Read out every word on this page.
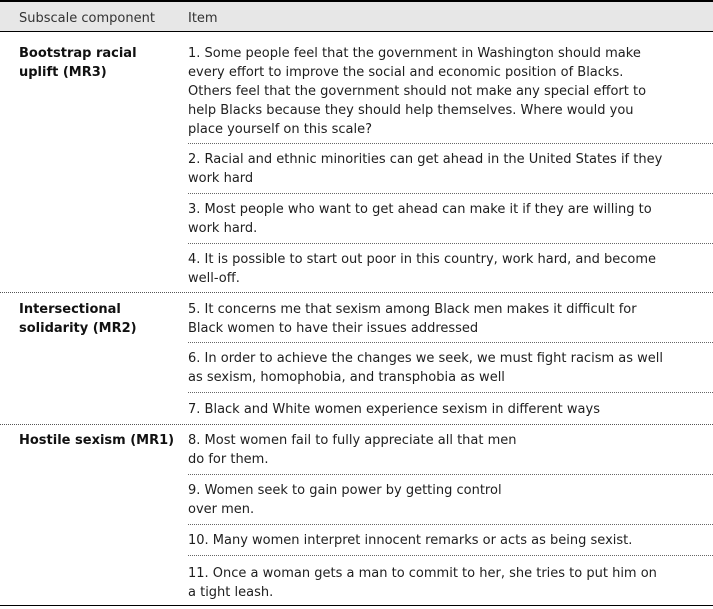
Subscale component	Item
Bootstrap racial
uplift (MR3)
1. Some people feel that the government in Washington should make
every effort to improve the social and economic position of Blacks.
Others feel that the government should not make any special effort to
help Blacks because they should help themselves. Where would you
place yourself on this scale?
2. Racial and ethnic minorities can get ahead in the United States if they
work hard
3. Most people who want to get ahead can make it if they are willing to
work hard.
4. It is possible to start out poor in this country, work hard, and become
well-off.
Intersectional
solidarity (MR2)
5. It concerns me that sexism among Black men makes it difficult for
Black women to have their issues addressed
6. In order to achieve the changes we seek, we must fight racism as well
as sexism, homophobia, and transphobia as well
7. Black and White women experience sexism in different ways
Hostile sexism (MR1) 8. Most women fail to fully appreciate all that men
do for them.
9. Women seek to gain power by getting control
over men.
10. Many women interpret innocent remarks or acts as being sexist.
11. Once a woman gets a man to commit to her, she tries to put him on
a tight leash.
